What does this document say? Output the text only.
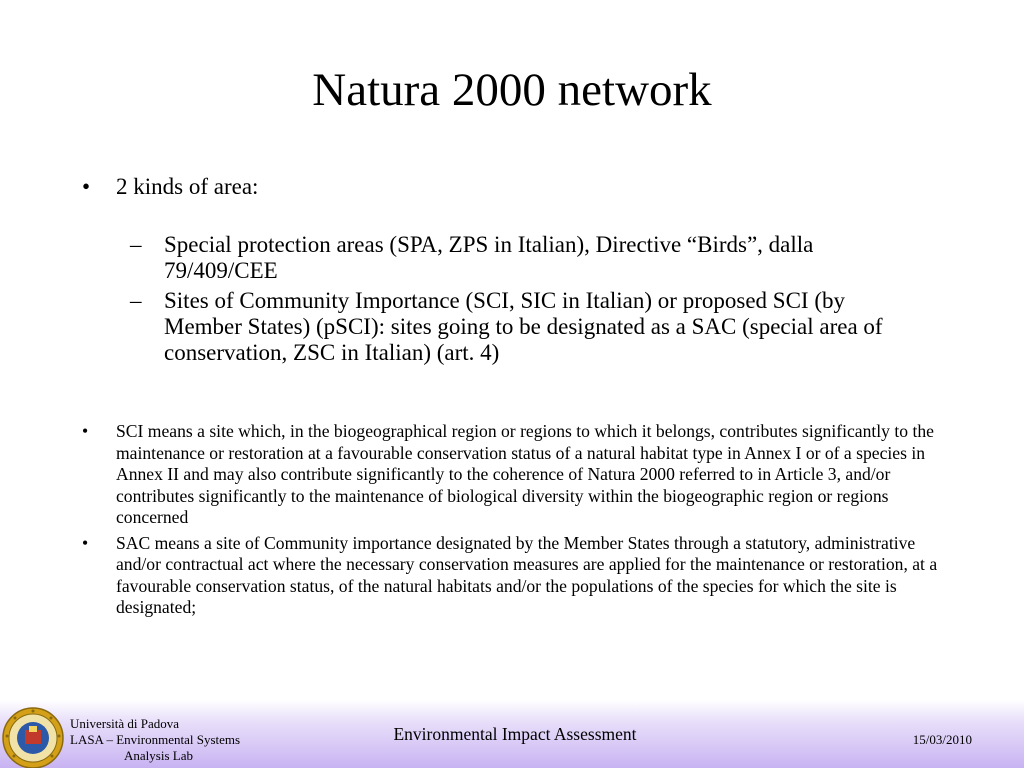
Natura 2000 network
• 2 kinds of area:
– Special protection areas (SPA, ZPS in Italian), Directive “Birds”, dalla 79/409/CEE
– Sites of Community Importance (SCI, SIC in Italian) or proposed SCI (by Member States) (pSCI): sites going to be designated as a SAC (special area of conservation, ZSC in Italian) (art. 4)
• SCI means a site which, in the biogeographical region or regions to which it belongs, contributes significantly to the maintenance or restoration at a favourable conservation status of a natural habitat type in Annex I or of a species in Annex II and may also contribute significantly to the coherence of Natura 2000 referred to in Article 3, and/or contributes significantly to the maintenance of biological diversity within the biogeographic region or regions concerned
• SAC means a site of Community importance designated by the Member States through a statutory, administrative and/or contractual act where the necessary conservation measures are applied for the maintenance or restoration, at a favourable conservation status, of the natural habitats and/or the populations of the species for which the site is designated;
Università di Padova
LASA – Environmental Systems
Analysis Lab
Environmental Impact Assessment	15/03/2010
